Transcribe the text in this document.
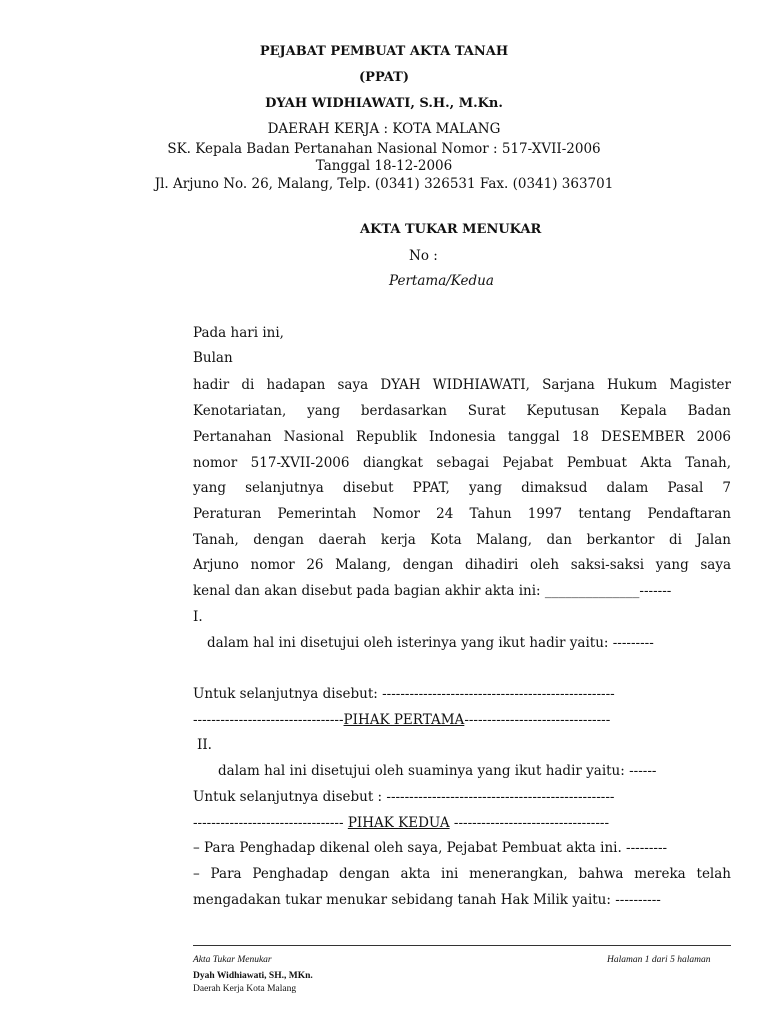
PEJABAT PEMBUAT AKTA TANAH
(PPAT)
DYAH WIDHIAWATI, S.H., M.Kn.
DAERAH KERJA : KOTA MALANG
SK. Kepala Badan Pertanahan Nasional Nomor : 517-XVII-2006
Tanggal 18-12-2006
Jl. Arjuno No. 26, Malang, Telp. (0341) 326531 Fax. (0341) 363701
AKTA TUKAR MENUKAR
No :
Pertama/Kedua
Pada hari ini,
Bulan
hadir di hadapan saya DYAH WIDHIAWATI, Sarjana Hukum Magister
Kenotariatan, yang berdasarkan Surat Keputusan Kepala Badan
Pertanahan Nasional Republik Indonesia tanggal 18 DESEMBER 2006
nomor 517-XVII-2006 diangkat sebagai Pejabat Pembuat Akta Tanah,
yang selanjutnya disebut PPAT, yang dimaksud dalam Pasal 7
Peraturan Pemerintah Nomor 24 Tahun 1997 tentang Pendaftaran
Tanah, dengan daerah kerja Kota Malang, dan berkantor di Jalan
Arjuno nomor 26 Malang, dengan dihadiri oleh saksi-saksi yang saya
kenal dan akan disebut pada bagian akhir akta ini: ______________-------
I.
dalam hal ini disetujui oleh isterinya yang ikut hadir yaitu: ---------
Untuk selanjutnya disebut: ---------------------------------------------------
---------------------------------PIHAK PERTAMA--------------------------------
II.
dalam hal ini disetujui oleh suaminya yang ikut hadir yaitu: ------
Untuk selanjutnya disebut : --------------------------------------------------
--------------------------------- PIHAK KEDUA ----------------------------------
– Para Penghadap dikenal oleh saya, Pejabat Pembuat akta ini. ---------
– Para Penghadap dengan akta ini menerangkan, bahwa mereka telah
mengadakan tukar menukar sebidang tanah Hak Milik yaitu: ----------
Akta Tukar Menukar	Halaman 1 dari 5 halaman
Dyah Widhiawati, SH., MKn.
Daerah Kerja Kota Malang
